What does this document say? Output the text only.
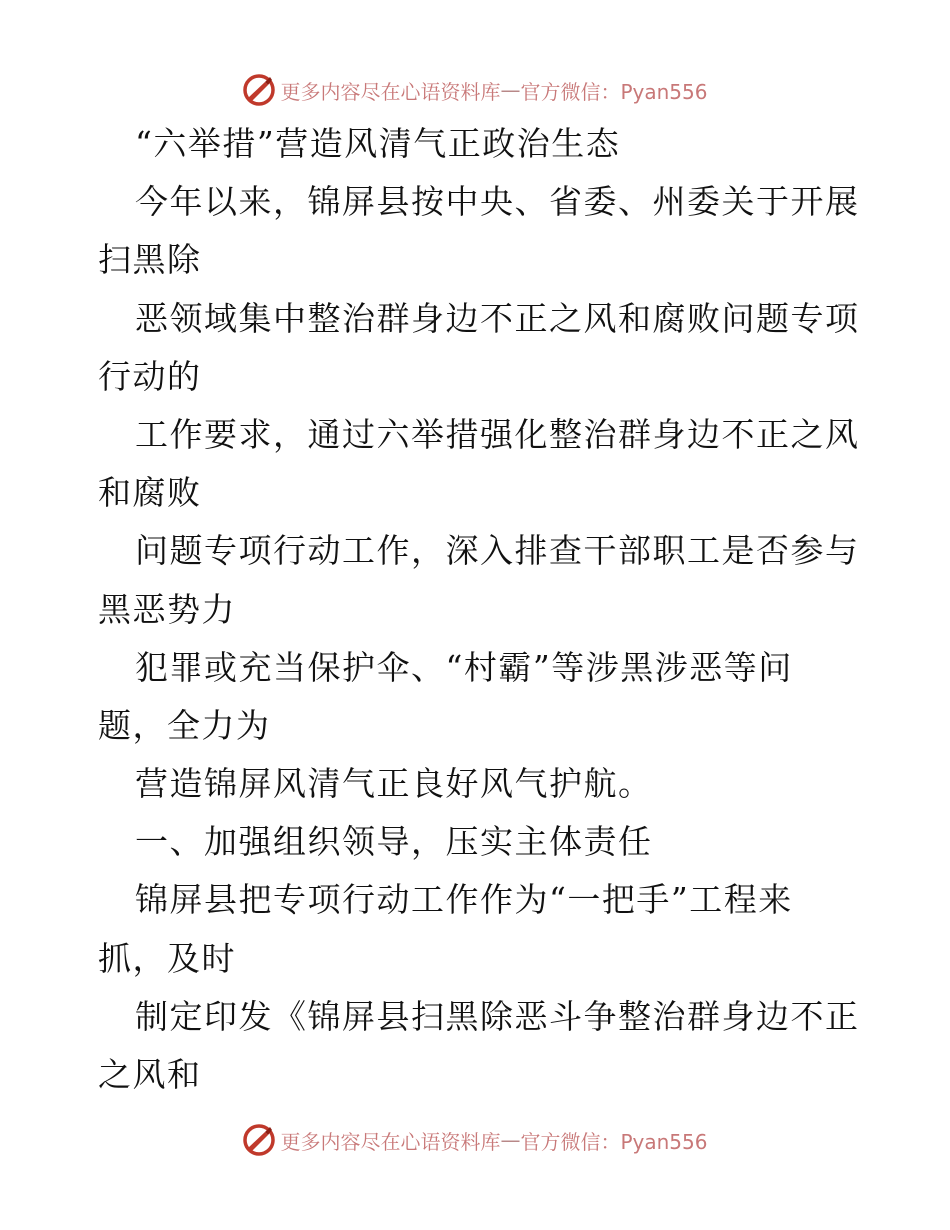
更多内容尽在心语资料库 — 官方微信：Pyan556
“六举措”营造风清气正政治生态
今年以来，锦屏县按中央、省委、州委关于开展
扫黑除
恶领域集中整治群身边不正之风和腐败问题专项
行动的
工作要求，通过六举措强化整治群身边不正之风
和腐败
问题专项行动工作，深入排查干部职工是否参与
黑恶势力
犯罪或充当保护伞、“村霸”等涉黑涉恶等问
题，全力为
营造锦屏风清气正良好风气护航。
一、加强组织领导，压实主体责任
锦屏县把专项行动工作作为“一把手”工程来
抓，及时
制定印发《锦屏县扫黑除恶斗争整治群身边不正
之风和
更多内容尽在心语资料库 — 官方微信：Pyan556
